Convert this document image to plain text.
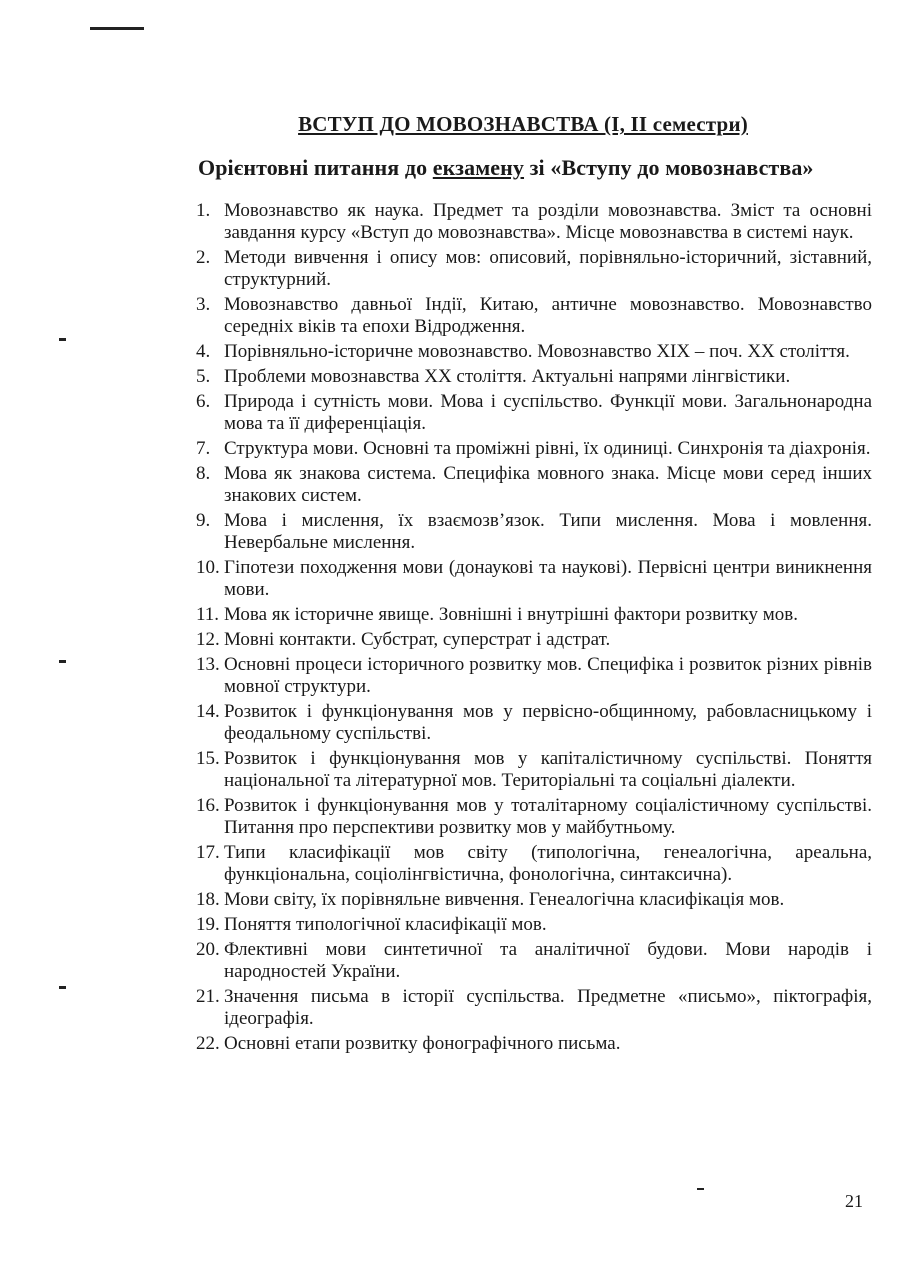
ВСТУП ДО МОВОЗНАВСТВА (І, ІІ семестри)
Орієнтовні питання до екзамену зі «Вступу до мовознавства»
1. Мовознавство як наука. Предмет та розділи мовознавства. Зміст та основні завдання курсу «Вступ до мовознавства». Місце мовознавства в системі наук.
2. Методи вивчення і опису мов: описовий, порівняльно-історичний, зіставний, структурний.
3. Мовознавство давньої Індії, Китаю, античне мовознавство. Мовознавство середніх віків та епохи Відродження.
4. Порівняльно-історичне мовознавство. Мовознавство ХІХ – поч. ХХ століття.
5. Проблеми мовознавства ХХ століття. Актуальні напрями лінгвістики.
6. Природа і сутність мови. Мова і суспільство. Функції мови. Загальнонародна мова та її диференціація.
7. Структура мови. Основні та проміжні рівні, їх одиниці. Синхронія та діахронія.
8. Мова як знакова система. Специфіка мовного знака. Місце мови серед інших знакових систем.
9. Мова і мислення, їх взаємозв’язок. Типи мислення. Мова і мовлення. Невербальне мислення.
10. Гіпотези походження мови (донаукові та наукові). Первісні центри виникнення мови.
11. Мова як історичне явище. Зовнішні і внутрішні фактори розвитку мов.
12. Мовні контакти. Субстрат, суперстрат і адстрат.
13. Основні процеси історичного розвитку мов. Специфіка і розвиток різних рівнів мовної структури.
14. Розвиток і функціонування мов у первісно-общинному, рабовласницькому і феодальному суспільстві.
15. Розвиток і функціонування мов у капіталістичному суспільстві. Поняття національної та літературної мов. Територіальні та соціальні діалекти.
16. Розвиток і функціонування мов у тоталітарному соціалістичному суспільстві. Питання про перспективи розвитку мов у майбутньому.
17. Типи класифікації мов світу (типологічна, генеалогічна, ареальна, функціональна, соціолінгвістична, фонологічна, синтаксична).
18. Мови світу, їх порівняльне вивчення. Генеалогічна класифікація мов.
19. Поняття типологічної класифікації мов.
20. Флективні мови синтетичної та аналітичної будови. Мови народів і народностей України.
21. Значення письма в історії суспільства. Предметне «письмо», піктографія, ідеографія.
22. Основні етапи розвитку фонографічного письма.

21
